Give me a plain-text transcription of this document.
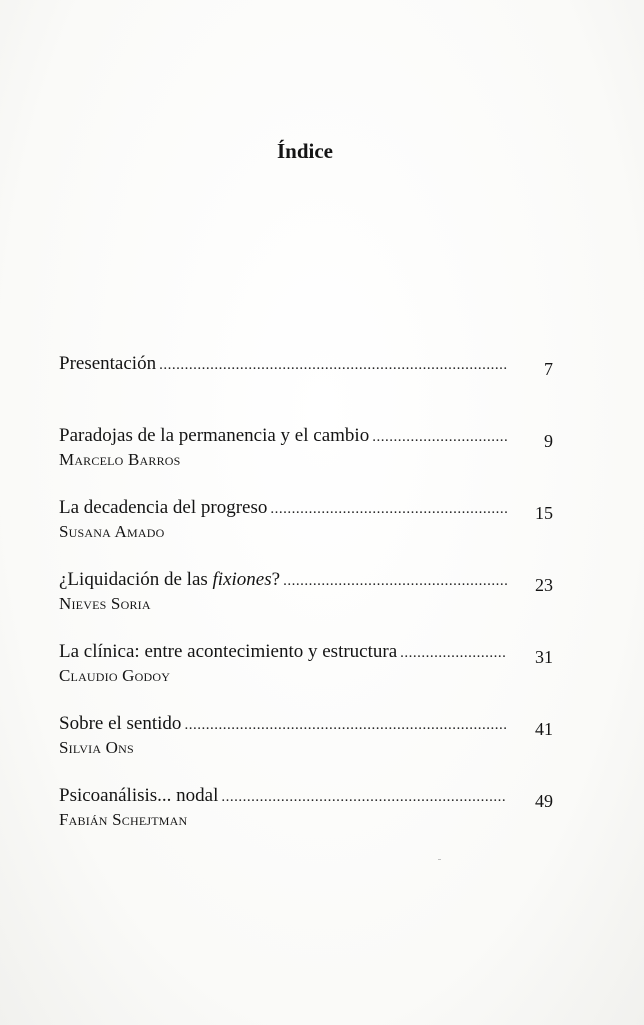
Índice
Presentación .....	7
Paradojas de la permanencia y el cambio .....	9
Marcelo Barros
La decadencia del progreso .....	15
Susana Amado
¿Liquidación de las fixiones? .....	23
Nieves Soria
La clínica: entre acontecimiento y estructura .....	31
Claudio Godoy
Sobre el sentido .....	41
Silvia Ons
Psicoanálisis... nodal .....	49
Fabián Schejtman
